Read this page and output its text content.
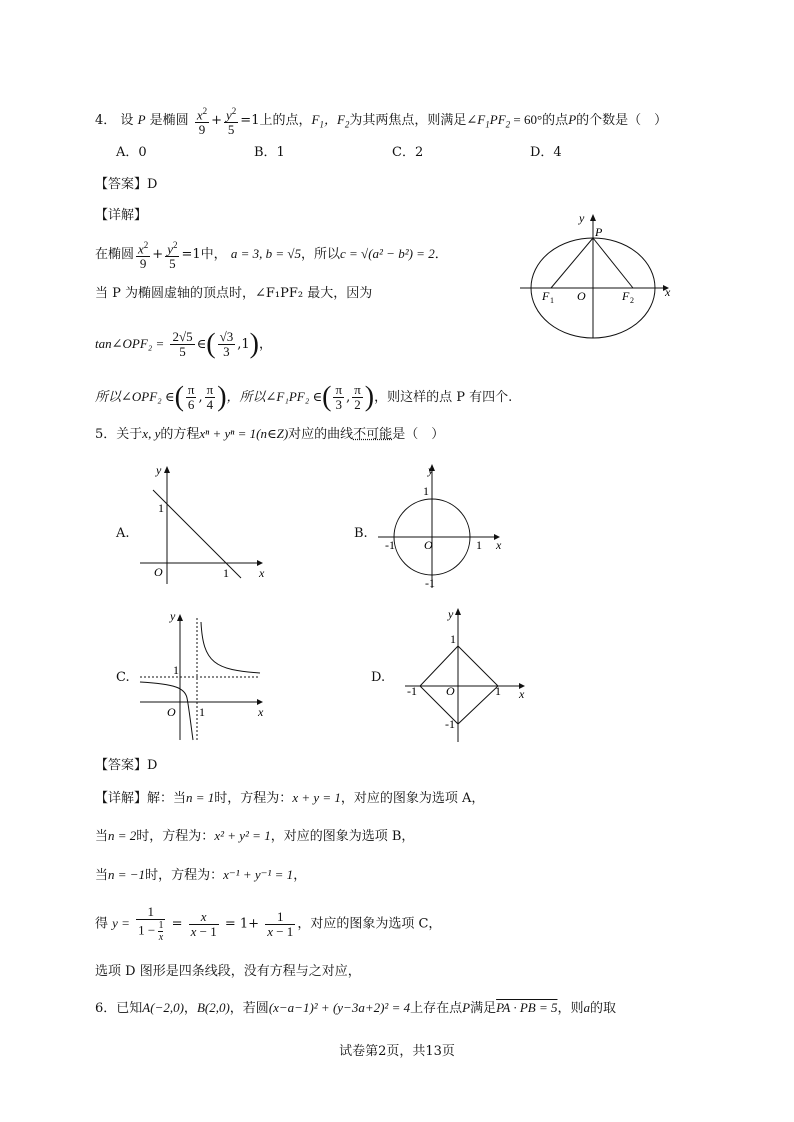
4． 设 P 是椭圆 $\frac{x^2}{9} + \frac{y^2}{5} =1$上的点，$F_1$，$F_2$为其两焦点，则满足$\angle F_1PF_2 = 60^\circ$的点P的个数是（　）
A．0	B．1	C．2	D．4
【答案】D
【详解】
在椭圆 $\frac{x^2}{9} + \frac{y^2}{5} =1$中， a = 3, b = √5，所以c = √(a² − b²) = 2．
当 P 为椭圆虚轴的顶点时，∠F₁PF₂ 最大，因为
tan∠OPF₂ = $\frac{2√5}{5}$ ∈( $\frac{√3}{3} ,1$)，
所以∠OPF₂ ∈( $\frac{\pi}{6}$ , $\frac{\pi}{4}$ )，所以∠F₁PF₂ ∈( $\frac{\pi}{3}$ , $\frac{\pi}{2}$ )，则这样的点 P 有四个.
y
P
x
F 1 O	F 2
5．关于x, y的方程xⁿ + yⁿ = 1(n∈Z)对应的曲线不可能是（　）
A.	B.
C.	D.
y
1
O	1	x
y
1
-1 O	1 x
-1
y
1
O 1	x
y
1
-1 O	1 x
-1
【答案】D
【详解】解：当n = 1时，方程为：x + y = 1，对应的图象为选项 A，
当n = 2时，方程为：x² + y² = 1，对应的图象为选项 B，
当n = −1时，方程为：x⁻¹ + y⁻¹ = 1，
得 $y = \frac{1}{1 - \frac{1}{x}} = \frac{x}{x - 1} = 1+ \frac{1}{x - 1}$ ，对应的图象为选项 C，
选项 D 图形是四条线段，没有方程与之对应，
6．已知A(−2,0)，B(2,0)，若圆(x−a−1)² + (y−3a+2)² = 4上存在点P满足PA · PB = 5，则a的取
试卷第2页，共13页
